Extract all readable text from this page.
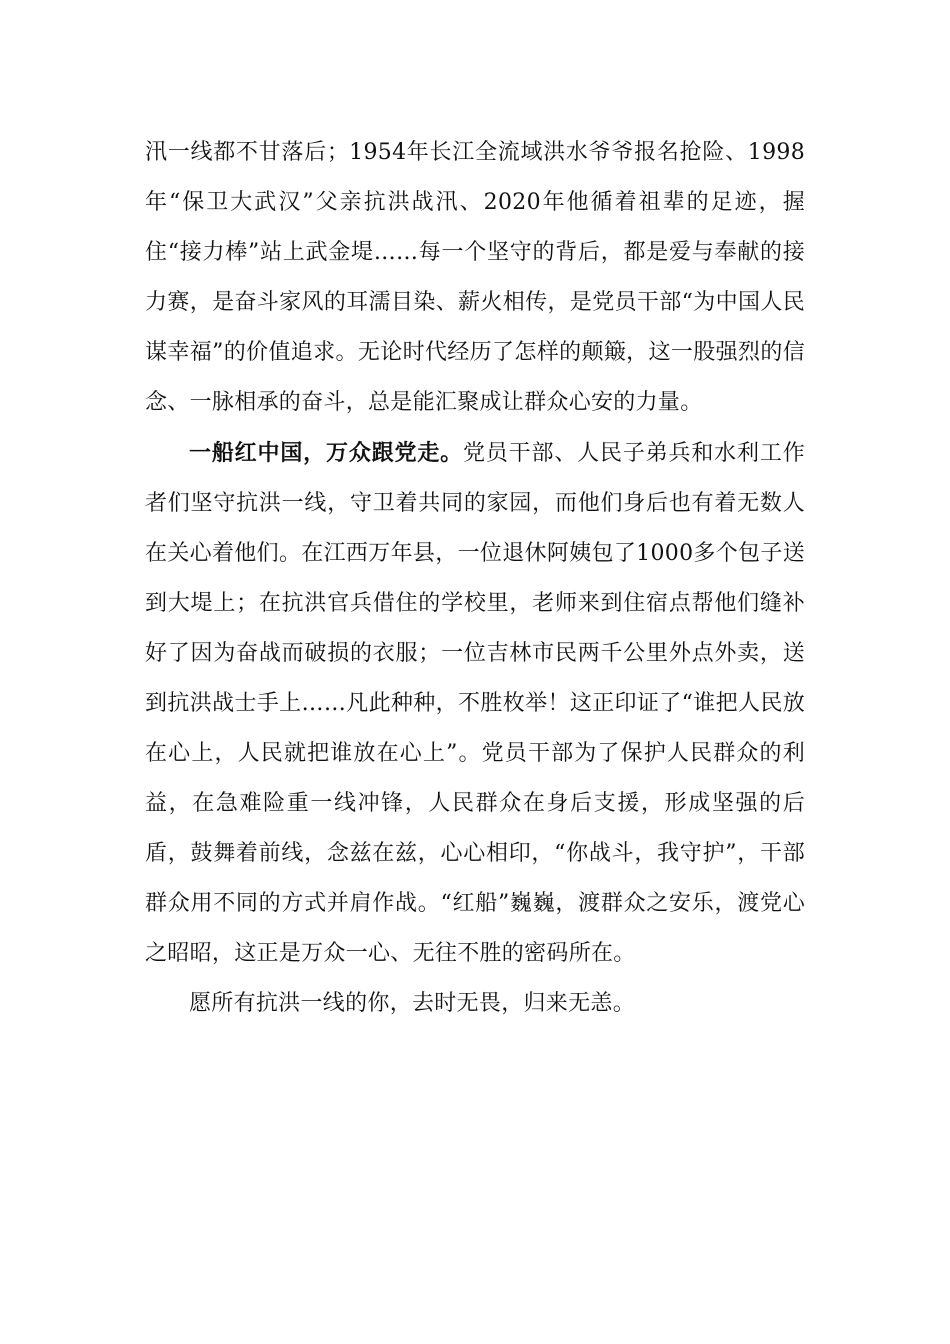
汛一线都不甘落后；1954年长江全流域洪水爷爷报名抢险、1998年“保卫大武汉”父亲抗洪战汛、2020年他循着祖辈的足迹，握住“接力棒”站上武金堤……每一个坚守的背后，都是爱与奉献的接力赛，是奋斗家风的耳濡目染、薪火相传，是党员干部“为中国人民谋幸福”的价值追求。无论时代经历了怎样的颠簸，这一股强烈的信念、一脉相承的奋斗，总是能汇聚成让群众心安的力量。

一船红中国，万众跟党走。党员干部、人民子弟兵和水利工作者们坚守抗洪一线，守卫着共同的家园，而他们身后也有着无数人在关心着他们。在江西万年县，一位退休阿姨包了1000多个包子送到大堤上；在抗洪官兵借住的学校里，老师来到住宿点帮他们缝补好了因为奋战而破损的衣服；一位吉林市民两千公里外点外卖，送到抗洪战士手上……凡此种种，不胜枚举！这正印证了“谁把人民放在心上，人民就把谁放在心上”。党员干部为了保护人民群众的利益，在急难险重一线冲锋，人民群众在身后支援，形成坚强的后盾，鼓舞着前线，念兹在兹，心心相印，“你战斗，我守护”，干部群众用不同的方式并肩作战。“红船”巍巍，渡群众之安乐，渡党心之昭昭，这正是万众一心、无往不胜的密码所在。

愿所有抗洪一线的你，去时无畏，归来无恙。
